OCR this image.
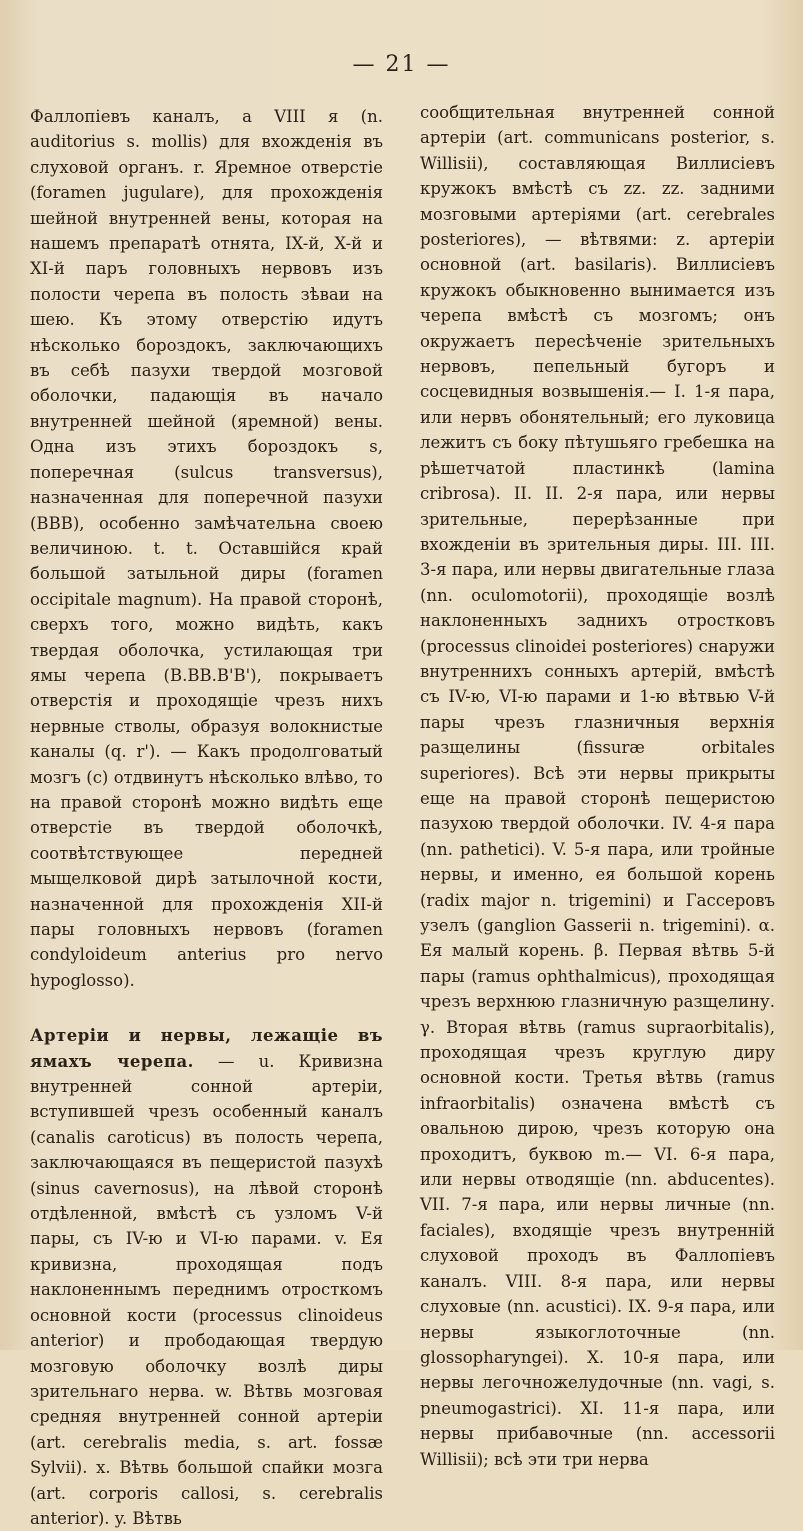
— 21 —

Фаллопіевъ каналъ, а VIII я (n. auditorius s. mollis) для вхожденія въ слуховой органъ. r. Яремное отверстіе (foramen jugulare), для прохожденія шейной внутренней вены, которая на нашемъ препаратѣ отнята, IX-й, X-й и XI-й паръ головныхъ нервовъ изъ полости черепа въ полость зѣваи на шею. Къ этому отверстію идутъ нѣсколько бороздокъ, заключающихъ въ себѣ пазухи твердой мозговой оболочки, падающія въ начало внутренней шейной (яремной) вены. Одна изъ этихъ бороздокъ s, поперечная (sulcus transversus), назначенная для поперечной пазухи (BBB), особенно замѣчательна своею величиною. t. t. Оставшійся край большой затыльной диры (foramen occipitale magnum). На правой сторонѣ, сверхъ того, можно видѣть, какъ твердая оболочка, устилающая три ямы черепа (B.BB.B'B'), покрываетъ отверстія и проходящіе чрезъ нихъ нервные стволы, образуя волокнистые каналы (q. r'). — Какъ продолговатый мозгъ (c) отдвинутъ нѣсколько влѣво, то на правой сторонѣ можно видѣть еще отверстіе въ твердой оболочкѣ, соотвѣтствующее передней мыщелковой дирѣ затылочной кости, назначенной для прохожденія XII-й пары головныхъ нервовъ (foramen condyloideum anterius pro nervo hypoglosso).

Артеріи и нервы, лежащіе въ ямахъ черепа. — u. Кривизна внутренней сонной артеріи, вступившей чрезъ особенный каналъ (canalis caroticus) въ полость черепа, заключающаяся въ пещеристой пазухѣ (sinus cavernosus), на лѣвой сторонѣ отдѣленной, вмѣстѣ съ узломъ V-й пары, съ IV-ю и VI-ю парами. v. Ея кривизна, проходящая подъ наклоненнымъ переднимъ отросткомъ основной кости (processus clinoideus anterior) и прободающая твердую мозговую оболочку возлѣ диры зрительнаго нерва. w. Вѣтвь мозговая средняя внутренней сонной артеріи (art. cerebralis media, s. art. fossæ Sylvii). x. Вѣтвь большой спайки мозга (art. corporis callosi, s. cerebralis anterior). y. Вѣтвь

сообщительная внутренней сонной артеріи (art. communicans posterior, s. Willisii), составляющая Виллисіевъ кружокъ вмѣстѣ съ zz. zz. задними мозговыми артеріями (art. cerebrales posteriores), — вѣтвями: z. артеріи основной (art. basilaris). Виллисіевъ кружокъ обыкновенно вынимается изъ черепа вмѣстѣ съ мозгомъ; онъ окружаетъ пересѣченіе зрительныхъ нервовъ, пепельный бугоръ и сосцевидныя возвышенія.— I. 1-я пара, или нервъ обонятельный; его луковица лежитъ съ боку пѣтушьяго гребешка на рѣшетчатой пластинкѣ (lamina cribrosa). II. II. 2-я пара, или нервы зрительные, перерѣзанные при вхожденіи въ зрительныя диры. III. III. 3-я пара, или нервы двигательные глаза (nn. oculomotorii), проходящіе возлѣ наклоненныхъ заднихъ отростковъ (processus clinoidei posteriores) снаружи внутреннихъ сонныхъ артерій, вмѣстѣ съ IV-ю, VI-ю парами и 1-ю вѣтвью V-й пары чрезъ глазничныя верхнія разщелины (fissuræ orbitales superiores). Всѣ эти нервы прикрыты еще на правой сторонѣ пещеристою пазухою твердой оболочки. IV. 4-я пара (nn. pathetici). V. 5-я пара, или тройные нервы, и именно, ея большой корень (radix major n. trigemini) и Гассеровъ узелъ (ganglion Gasserii n. trigemini). α. Ея малый корень. β. Первая вѣтвь 5-й пары (ramus ophthalmicus), проходящая чрезъ верхнюю глазничную разщелину. γ. Вторая вѣтвь (ramus supraorbitalis), проходящая чрезъ круглую диру основной кости. Третья вѣтвь (ramus infraorbitalis) означена вмѣстѣ съ овальною дирою, чрезъ которую она проходитъ, буквою m.— VI. 6-я пара, или нервы отводящіе (nn. abducentes). VII. 7-я пара, или нервы личные (nn. faciales), входящіе чрезъ внутренній слуховой проходъ въ Фаллопіевъ каналъ. VIII. 8-я пара, или нервы слуховые (nn. acustici). IX. 9-я пара, или нервы языкоглоточные (nn. glossopharyngei). X. 10-я пара, или нервы легочножелудочные (nn. vagi, s. pneumogastrici). XI. 11-я пара, или нервы прибавочные (nn. accessorii Willisii); всѣ эти три нерва
